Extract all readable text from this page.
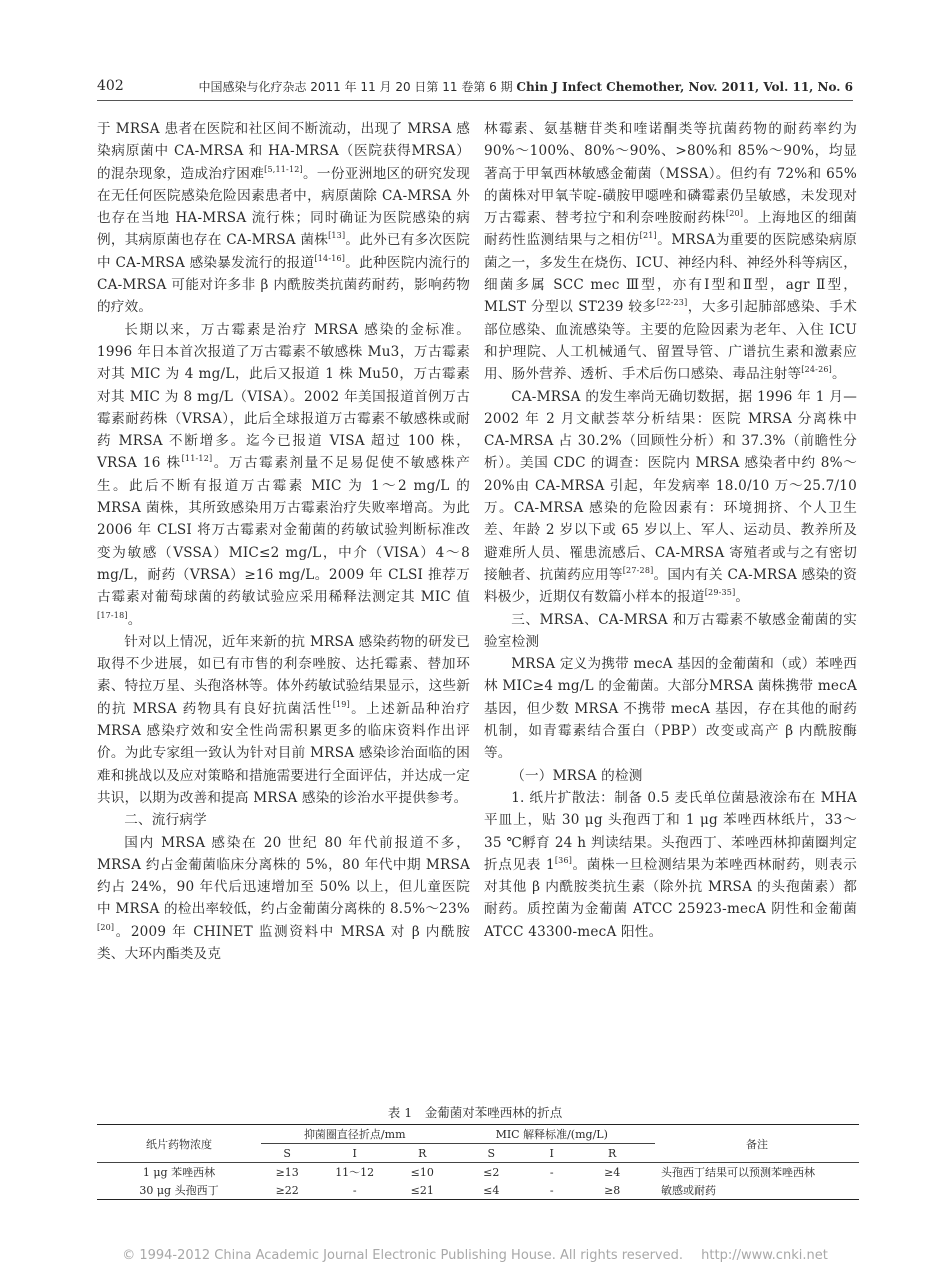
402	中国感染与化疗杂志 2011 年 11 月 20 日第 11 卷第 6 期 Chin J Infect Chemother, Nov. 2011, Vol. 11, No. 6

于 MRSA 患者在医院和社区间不断流动，出现了 MRSA 感染病原菌中 CA-MRSA 和 HA-MRSA（医院获得MRSA）的混杂现象，造成治疗困难[5,11-12]。一份亚洲地区的研究发现在无任何医院感染危险因素患者中，病原菌除 CA-MRSA 外也存在当地 HA-MRSA 流行株；同时确证为医院感染的病例，其病原菌也存在 CA-MRSA 菌株[13]。此外已有多次医院中 CA-MRSA 感染暴发流行的报道[14-16]。此种医院内流行的 CA-MRSA 可能对许多非 β 内酰胺类抗菌药耐药，影响药物的疗效。

长期以来，万古霉素是治疗 MRSA 感染的金标准。1996 年日本首次报道了万古霉素不敏感株 Mu3，万古霉素对其 MIC 为 4 mg/L，此后又报道 1 株 Mu50，万古霉素对其 MIC 为 8 mg/L（VISA）。2002 年美国报道首例万古霉素耐药株（VRSA），此后全球报道万古霉素不敏感株或耐药 MRSA 不断增多。迄今已报道 VISA 超过 100 株，VRSA 16 株[11-12]。万古霉素剂量不足易促使不敏感株产生。此后不断有报道万古霉素 MIC 为 1～2 mg/L 的 MRSA 菌株，其所致感染用万古霉素治疗失败率增高。为此 2006 年 CLSI 将万古霉素对金葡菌的药敏试验判断标准改变为敏感（VSSA）MIC≤2 mg/L，中介（VISA）4～8 mg/L，耐药（VRSA）≥16 mg/L。2009 年 CLSI 推荐万古霉素对葡萄球菌的药敏试验应采用稀释法测定其 MIC 值[17-18]。

针对以上情况，近年来新的抗 MRSA 感染药物的研发已取得不少进展，如已有市售的利奈唑胺、达托霉素、替加环素、特拉万星、头孢洛林等。体外药敏试验结果显示，这些新的抗 MRSA 药物具有良好抗菌活性[19]。上述新品种治疗 MRSA 感染疗效和安全性尚需积累更多的临床资料作出评价。为此专家组一致认为针对目前 MRSA 感染诊治面临的困难和挑战以及应对策略和措施需要进行全面评估，并达成一定共识，以期为改善和提高 MRSA 感染的诊治水平提供参考。

二、流行病学

国内 MRSA 感染在 20 世纪 80 年代前报道不多，MRSA 约占金葡菌临床分离株的 5%，80 年代中期 MRSA 约占 24%，90 年代后迅速增加至 50% 以上，但儿童医院中 MRSA 的检出率较低，约占金葡菌分离株的 8.5%～23%[20]。2009 年 CHINET 监测资料中 MRSA 对 β 内酰胺类、大环内酯类及克

林霉素、氨基糖苷类和喹诺酮类等抗菌药物的耐药率约为 90%～100%、80%～90%、>80%和 85%～90%，均显著高于甲氧西林敏感金葡菌（MSSA）。但约有 72%和 65%的菌株对甲氧苄啶-磺胺甲噁唑和磷霉素仍呈敏感，未发现对万古霉素、替考拉宁和利奈唑胺耐药株[20]。上海地区的细菌耐药性监测结果与之相仿[21]。MRSA为重要的医院感染病原菌之一，多发生在烧伤、ICU、神经内科、神经外科等病区，细菌多属 SCC mec Ⅲ型，亦有Ⅰ型和Ⅱ型，agr Ⅱ型，MLST 分型以 ST239 较多[22-23]，大多引起肺部感染、手术部位感染、血流感染等。主要的危险因素为老年、入住 ICU 和护理院、人工机械通气、留置导管、广谱抗生素和激素应用、肠外营养、透析、手术后伤口感染、毒品注射等[24-26]。

CA-MRSA 的发生率尚无确切数据，据 1996 年 1 月—2002 年 2 月文献荟萃分析结果：医院 MRSA 分离株中 CA-MRSA 占 30.2%（回顾性分析）和 37.3%（前瞻性分析）。美国 CDC 的调查：医院内 MRSA 感染者中约 8%～20%由 CA-MRSA 引起，年发病率 18.0/10 万～25.7/10 万。CA-MRSA 感染的危险因素有：环境拥挤、个人卫生差、年龄 2 岁以下或 65 岁以上、军人、运动员、教养所及避难所人员、罹患流感后、CA-MRSA 寄殖者或与之有密切接触者、抗菌药应用等[27-28]。国内有关 CA-MRSA 感染的资料极少，近期仅有数篇小样本的报道[29-35]。

三、MRSA、CA-MRSA 和万古霉素不敏感金葡菌的实验室检测

MRSA 定义为携带 mecA 基因的金葡菌和（或）苯唑西林 MIC≥4 mg/L 的金葡菌。大部分MRSA 菌株携带 mecA 基因，但少数 MRSA 不携带 mecA 基因，存在其他的耐药机制，如青霉素结合蛋白（PBP）改变或高产 β 内酰胺酶等。

（一）MRSA 的检测

1. 纸片扩散法：制备 0.5 麦氏单位菌悬液涂布在 MHA 平皿上，贴 30 μg 头孢西丁和 1 μg 苯唑西林纸片，33～35 ℃孵育 24 h 判读结果。头孢西丁、苯唑西林抑菌圈判定折点见表 1[36]。菌株一旦检测结果为苯唑西林耐药，则表示对其他 β 内酰胺类抗生素（除外抗 MRSA 的头孢菌素）都耐药。质控菌为金葡菌 ATCC 25923-mecA 阴性和金葡菌 ATCC 43300-mecA 阳性。

表 1　金葡菌对苯唑西林的折点
纸片药物浓度	抑菌圈直径折点/mm			MIC 解释标准/(mg/L)			备注
	S	I	R	S	I	R	
1 μg 苯唑西林	≥13	11～12	≤10	≤2	-	≥4	头孢西丁结果可以预测苯唑西林
30 μg 头孢西丁	≥22	-	≤21	≤4	-	≥8	敏感或耐药
© 1994-2012 China Academic Journal Electronic Publishing House. All rights reserved. http://www.cnki.net
